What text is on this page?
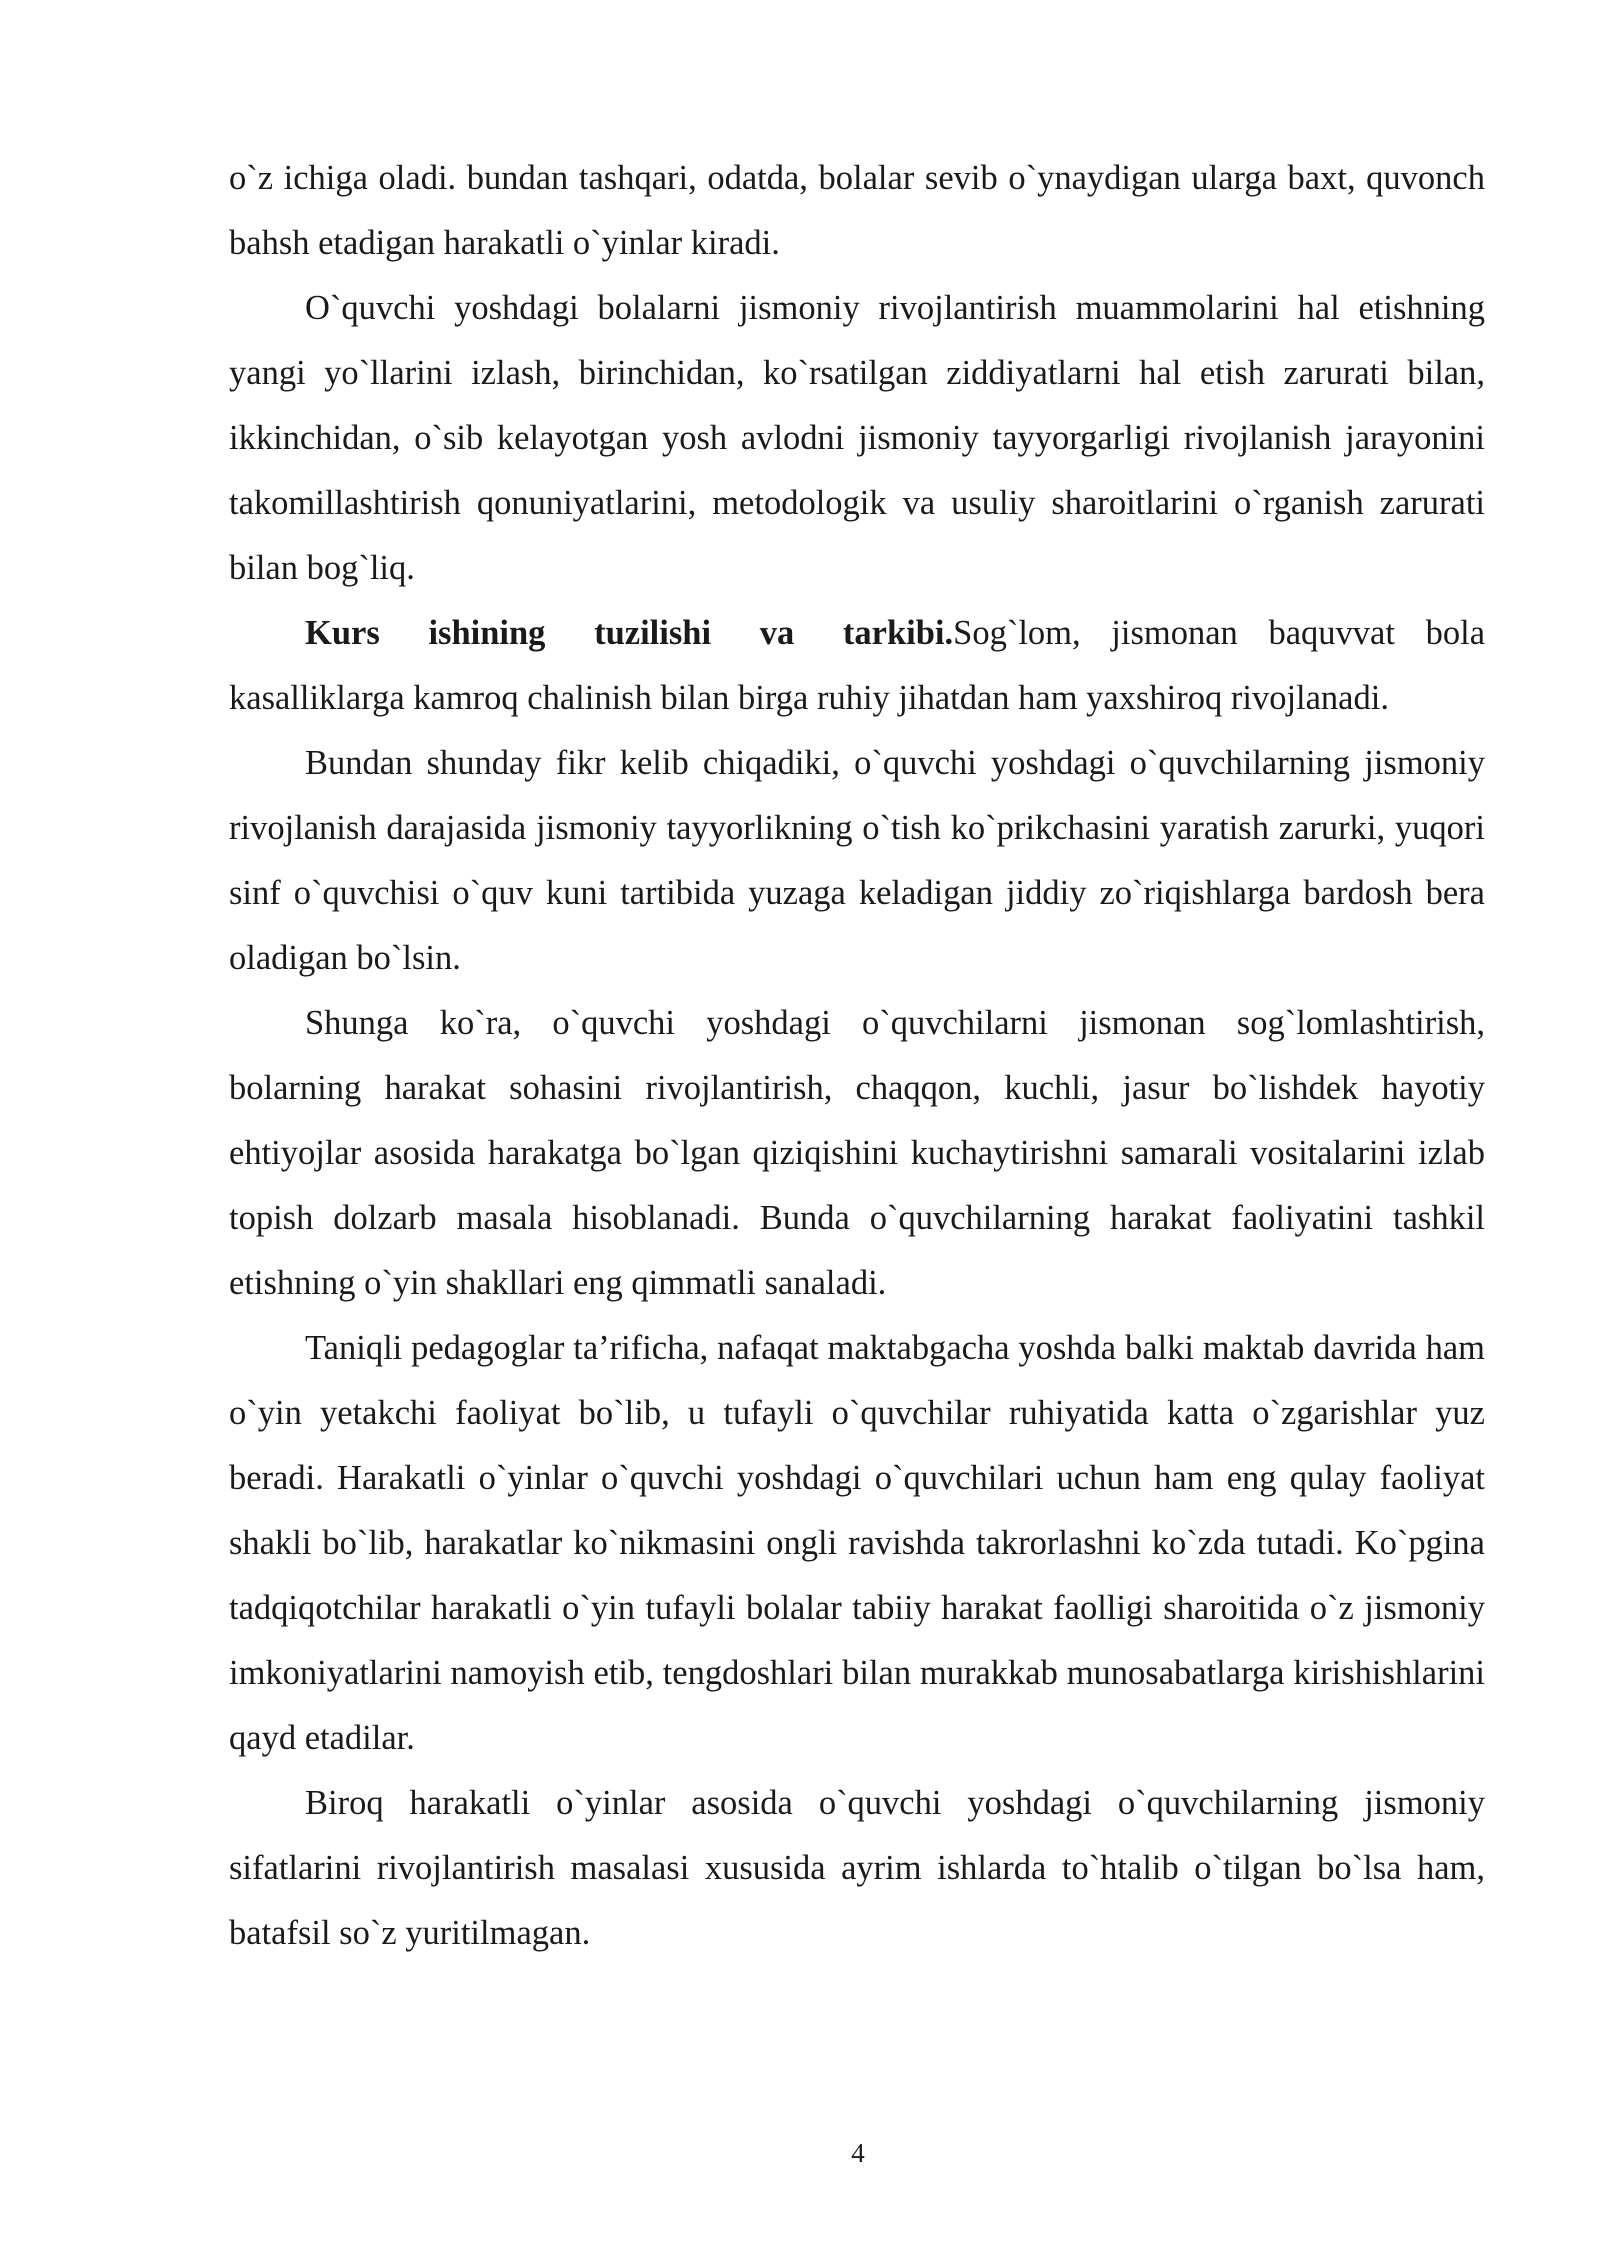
o`z ichiga oladi. bundan tashqari, odatda, bolalar sevib o`ynaydigan ularga baxt, quvonch bahsh etadigan harakatli o`yinlar kiradi.

O`quvchi yoshdagi bolalarni jismoniy rivojlantirish muammolarini hal etishning yangi yo`llarini izlash, birinchidan, ko`rsatilgan ziddiyatlarni hal etish zarurati bilan, ikkinchidan, o`sib kelayotgan yosh avlodni jismoniy tayyorgarligi rivojlanish jarayonini takomillashtirish qonuniyatlarini, metodologik va usuliy sharoitlarini o`rganish zarurati bilan bog`liq.

Kurs ishining tuzilishi va tarkibi.Sog`lom, jismonan baquvvat bola kasalliklarga kamroq chalinish bilan birga ruhiy jihatdan ham yaxshiroq rivojlanadi.

Bundan shunday fikr kelib chiqadiki, o`quvchi yoshdagi o`quvchilarning jismoniy rivojlanish darajasida jismoniy tayyorlikning o`tish ko`prikchasini yaratish zarurki, yuqori sinf o`quvchisi o`quv kuni tartibida yuzaga keladigan jiddiy zo`riqishlarga bardosh bera oladigan bo`lsin.

Shunga ko`ra, o`quvchi yoshdagi o`quvchilarni jismonan sog`lomlashtirish, bolarning harakat sohasini rivojlantirish, chaqqon, kuchli, jasur bo`lishdek hayotiy ehtiyojlar asosida harakatga bo`lgan qiziqishini kuchaytirishni samarali vositalarini izlab topish dolzarb masala hisoblanadi. Bunda o`quvchilarning harakat faoliyatini tashkil etishning o`yin shakllari eng qimmatli sanaladi.

Taniqli pedagoglar ta’rificha, nafaqat maktabgacha yoshda balki maktab davrida ham o`yin yetakchi faoliyat bo`lib, u tufayli o`quvchilar ruhiyatida katta o`zgarishlar yuz beradi. Harakatli o`yinlar o`quvchi yoshdagi o`quvchilari uchun ham eng qulay faoliyat shakli bo`lib, harakatlar ko`nikmasini ongli ravishda takrorlashni ko`zda tutadi. Ko`pgina tadqiqotchilar harakatli o`yin tufayli bolalar tabiiy harakat faolligi sharoitida o`z jismoniy imkoniyatlarini namoyish etib, tengdoshlari bilan murakkab munosabatlarga kirishishlarini qayd etadilar.

Biroq harakatli o`yinlar asosida o`quvchi yoshdagi o`quvchilarning jismoniy sifatlarini rivojlantirish masalasi xususida ayrim ishlarda to`htalib o`tilgan bo`lsa ham, batafsil so`z yuritilmagan.

4
